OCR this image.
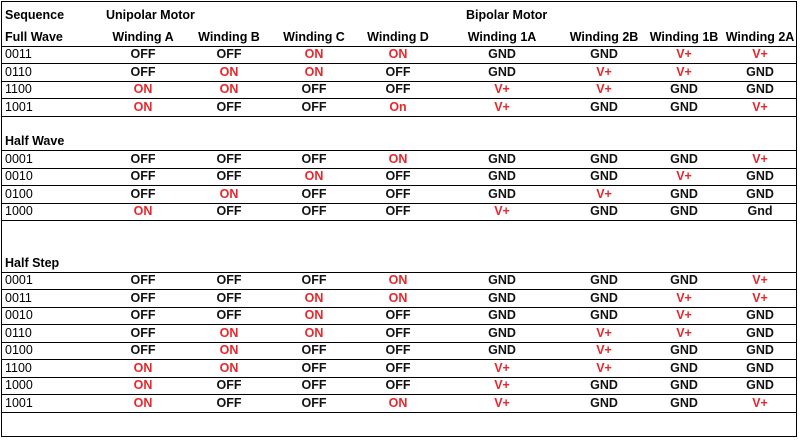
Sequence	Unipolar Motor				Bipolar Motor			
Full Wave	Winding A	Winding B	Winding C	Winding D	Winding 1A	Winding 2B	Winding 1B	Winding 2A
0011	OFF	OFF	ON	ON	GND	GND	V+	V+
0110	OFF	ON	ON	OFF	GND	V+	V+	GND
1100	ON	ON	OFF	OFF	V+	V+	GND	GND
1001	ON	OFF	OFF	On	V+	GND	GND	V+

Half Wave								
0001	OFF	OFF	OFF	ON	GND	GND	GND	V+
0010	OFF	OFF	ON	OFF	GND	GND	V+	GND
0100	OFF	ON	OFF	OFF	GND	V+	GND	GND
1000	ON	OFF	OFF	OFF	V+	GND	GND	Gnd

Half Step								
0001	OFF	OFF	OFF	ON	GND	GND	GND	V+
0011	OFF	OFF	ON	ON	GND	GND	V+	V+
0010	OFF	OFF	ON	OFF	GND	GND	V+	GND
0110	OFF	ON	ON	OFF	GND	V+	V+	GND
0100	OFF	ON	OFF	OFF	GND	V+	GND	GND
1100	ON	ON	OFF	OFF	V+	V+	GND	GND
1000	ON	OFF	OFF	OFF	V+	GND	GND	GND
1001	ON	OFF	OFF	ON	V+	GND	GND	V+
